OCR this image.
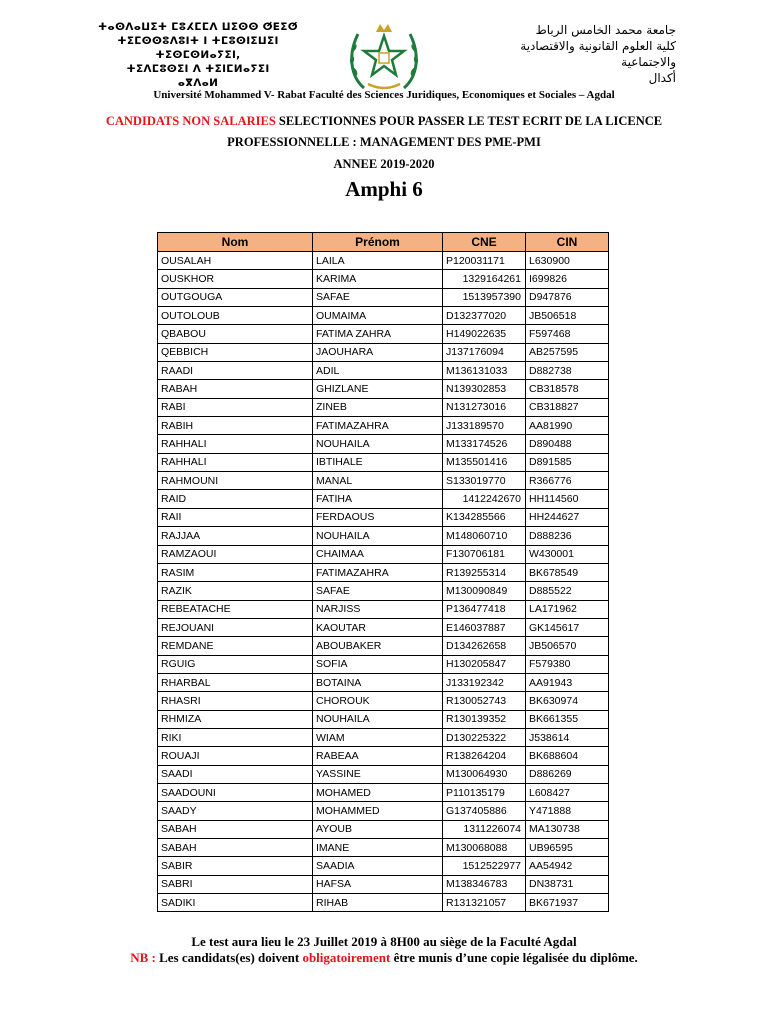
ⵜⴰⵙⴷⴰⵡⵉⵜ ⵎⵓⵃⵎⵎⴷ ⵡⵉⵙⵙ ⵚⴹⵉⵚ
ⵜⵉⵎⵙⵙⵓⴷⵓⵏⵜ ⵏ ⵜⵎⵓⵙⵏⵉⵡⵉⵏ ⵜⵉⵙⵎⵙⵍⴰⵢⵉⵏ,
ⵜⵉⴷⵎⵓⵙⵉⵏ ⴷ ⵜⵉⵏⵎⵍⴰⵢⵉⵏ
ⴰⴳⴷⴰⵍ
جامعة محمد الخامس الرباط
كلية العلوم القانونية والاقتصادية والاجتماعية
أكدال
Université Mohammed V- Rabat Faculté des Sciences Juridiques, Economiques et Sociales – Agdal
CANDIDATS NON SALARIES SELECTIONNES POUR PASSER LE TEST ECRIT DE LA LICENCE
PROFESSIONNELLE : MANAGEMENT DES PME-PMI
ANNEE 2019-2020
Amphi 6
Nom	Prénom	CNE	CIN
OUSALAH	LAILA	P120031171	L630900
OUSKHOR	KARIMA	1329164261	I699826
OUTGOUGA	SAFAE	1513957390	D947876
OUTOLOUB	OUMAIMA	D132377020	JB506518
QBABOU	FATIMA ZAHRA	H149022635	F597468
QEBBICH	JAOUHARA	J137176094	AB257595
RAADI	ADIL	M136131033	D882738
RABAH	GHIZLANE	N139302853	CB318578
RABI	ZINEB	N131273016	CB318827
RABIH	FATIMAZAHRA	J133189570	AA81990
RAHHALI	NOUHAILA	M133174526	D890488
RAHHALI	IBTIHALE	M135501416	D891585
RAHMOUNI	MANAL	S133019770	R366776
RAID	FATIHA	1412242670	HH114560
RAII	FERDAOUS	K134285566	HH244627
RAJJAA	NOUHAILA	M148060710	D888236
RAMZAOUI	CHAIMAA	F130706181	W430001
RASIM	FATIMAZAHRA	R139255314	BK678549
RAZIK	SAFAE	M130090849	D885522
REBEATACHE	NARJISS	P136477418	LA171962
REJOUANI	KAOUTAR	E146037887	GK145617
REMDANE	ABOUBAKER	D134262658	JB506570
RGUIG	SOFIA	H130205847	F579380
RHARBAL	BOTAINA	J133192342	AA91943
RHASRI	CHOROUK	R130052743	BK630974
RHMIZA	NOUHAILA	R130139352	BK661355
RIKI	WIAM	D130225322	J538614
ROUAJI	RABEAA	R138264204	BK688604
SAADI	YASSINE	M130064930	D886269
SAADOUNI	MOHAMED	P110135179	L608427
SAADY	MOHAMMED	G137405886	Y471888
SABAH	AYOUB	1311226074	MA130738
SABAH	IMANE	M130068088	UB96595
SABIR	SAADIA	1512522977	AA54942
SABRI	HAFSA	M138346783	DN38731
SADIKI	RIHAB	R131321057	BK671937
Le test aura lieu le 23 Juillet 2019 à 8H00 au siège de la Faculté Agdal
NB : Les candidats(es) doivent obligatoirement être munis d’une copie légalisée du diplôme.
